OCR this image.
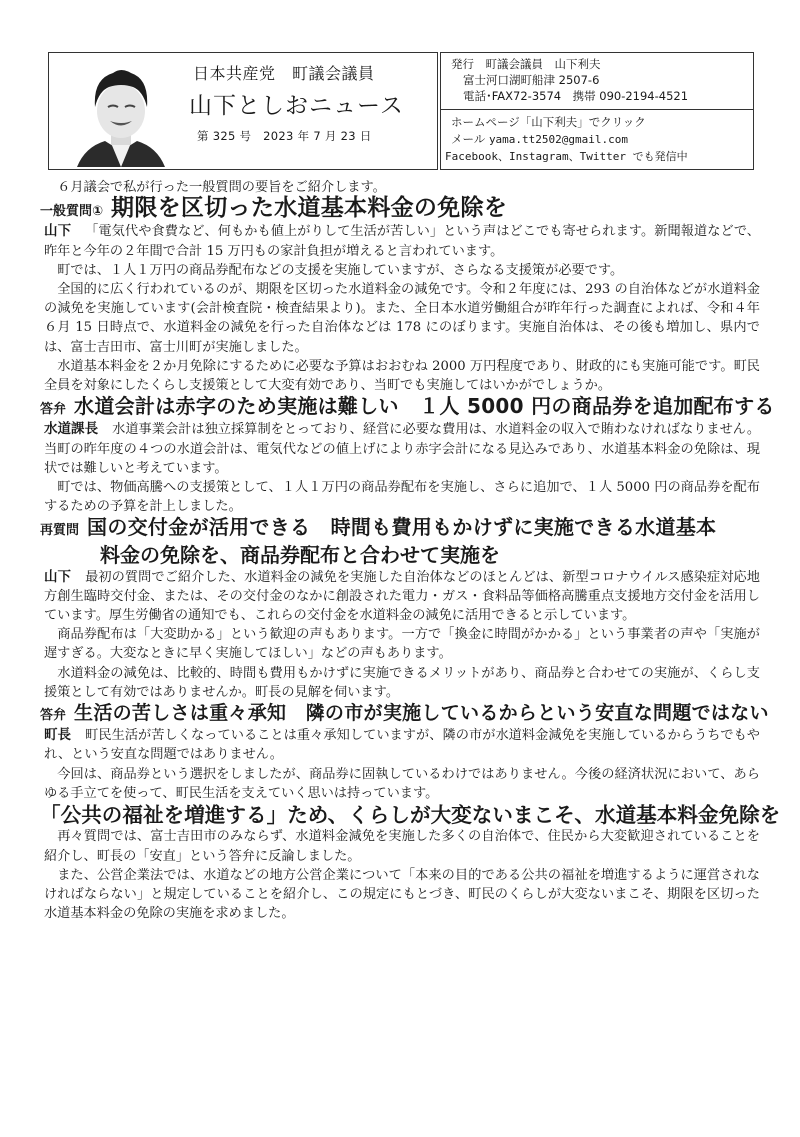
日本共産党　町議会議員
山下としおニュース
第 325 号　2023 年 7 月 23 日
発行　町議会議員　山下利夫
富士河口湖町船津 2507-6
電話･FAX72-3574　携帯 090-2194-4521
ホームページ「山下利夫」でクリック
メール yama.tt2502@gmail.com
Facebook、Instagram、Twitter でも発信中

６月議会で私が行った一般質問の要旨をご紹介します。

一般質問① 期限を区切った水道基本料金の免除を

山下 「電気代や食費など、何もかも値上がりして生活が苦しい」という声はどこでも寄せられます。新聞報道などで、昨年と今年の２年間で合計 15 万円もの家計負担が増えると言われています。

町では、１人１万円の商品券配布などの支援を実施していますが、さらなる支援策が必要です。

全国的に広く行われているのが、期限を区切った水道料金の減免です。令和２年度には、293 の自治体などが水道料金の減免を実施しています(会計検査院・検査結果より)。また、全日本水道労働組合が昨年行った調査によれば、令和４年６月 15 日時点で、水道料金の減免を行った自治体などは 178 にのぼります。実施自治体は、その後も増加し、県内では、富士吉田市、富士川町が実施しました。

水道基本料金を２か月免除にするために必要な予算はおおむね 2000 万円程度であり、財政的にも実施可能です。町民全員を対象にしたくらし支援策として大変有効であり、当町でも実施してはいかがでしょうか。

答弁 水道会計は赤字のため実施は難しい　１人 5000 円の商品券を追加配布する

水道課長 水道事業会計は独立採算制をとっており、経営に必要な費用は、水道料金の収入で賄わなければなりません。当町の昨年度の４つの水道会計は、電気代などの値上げにより赤字会計になる見込みであり、水道基本料金の免除は、現状では難しいと考えています。

町では、物価高騰への支援策として、１人１万円の商品券配布を実施し、さらに追加で、１人 5000 円の商品券を配布するための予算を計上しました。

再質問 国の交付金が活用できる　時間も費用もかけずに実施できる水道基本
料金の免除を、商品券配布と合わせて実施を

山下 最初の質問でご紹介した、水道料金の減免を実施した自治体などのほとんどは、新型コロナウイルス感染症対応地方創生臨時交付金、または、その交付金のなかに創設された電力・ガス・食料品等価格高騰重点支援地方交付金を活用しています。厚生労働省の通知でも、これらの交付金を水道料金の減免に活用できると示しています。

商品券配布は「大変助かる」という歓迎の声もあります。一方で「換金に時間がかかる」という事業者の声や「実施が遅すぎる。大変なときに早く実施してほしい」などの声もあります。

水道料金の減免は、比較的、時間も費用もかけずに実施できるメリットがあり、商品券と合わせての実施が、くらし支援策として有効ではありませんか。町長の見解を伺います。

答弁 生活の苦しさは重々承知　隣の市が実施しているからという安直な問題ではない

町長 町民生活が苦しくなっていることは重々承知していますが、隣の市が水道料金減免を実施しているからうちでもやれ、という安直な問題ではありません。

今回は、商品券という選択をしましたが、商品券に固執しているわけではありません。今後の経済状況において、あらゆる手立てを使って、町民生活を支えていく思いは持っています。

「公共の福祉を増進する」ため、くらしが大変ないまこそ、水道基本料金免除を

再々質問では、富士吉田市のみならず、水道料金減免を実施した多くの自治体で、住民から大変歓迎されていることを紹介し、町長の「安直」という答弁に反論しました。

また、公営企業法では、水道などの地方公営企業について「本来の目的である公共の福祉を増進するように運営されなければならない」と規定していることを紹介し、この規定にもとづき、町民のくらしが大変ないまこそ、期限を区切った水道基本料金の免除の実施を求めました。
